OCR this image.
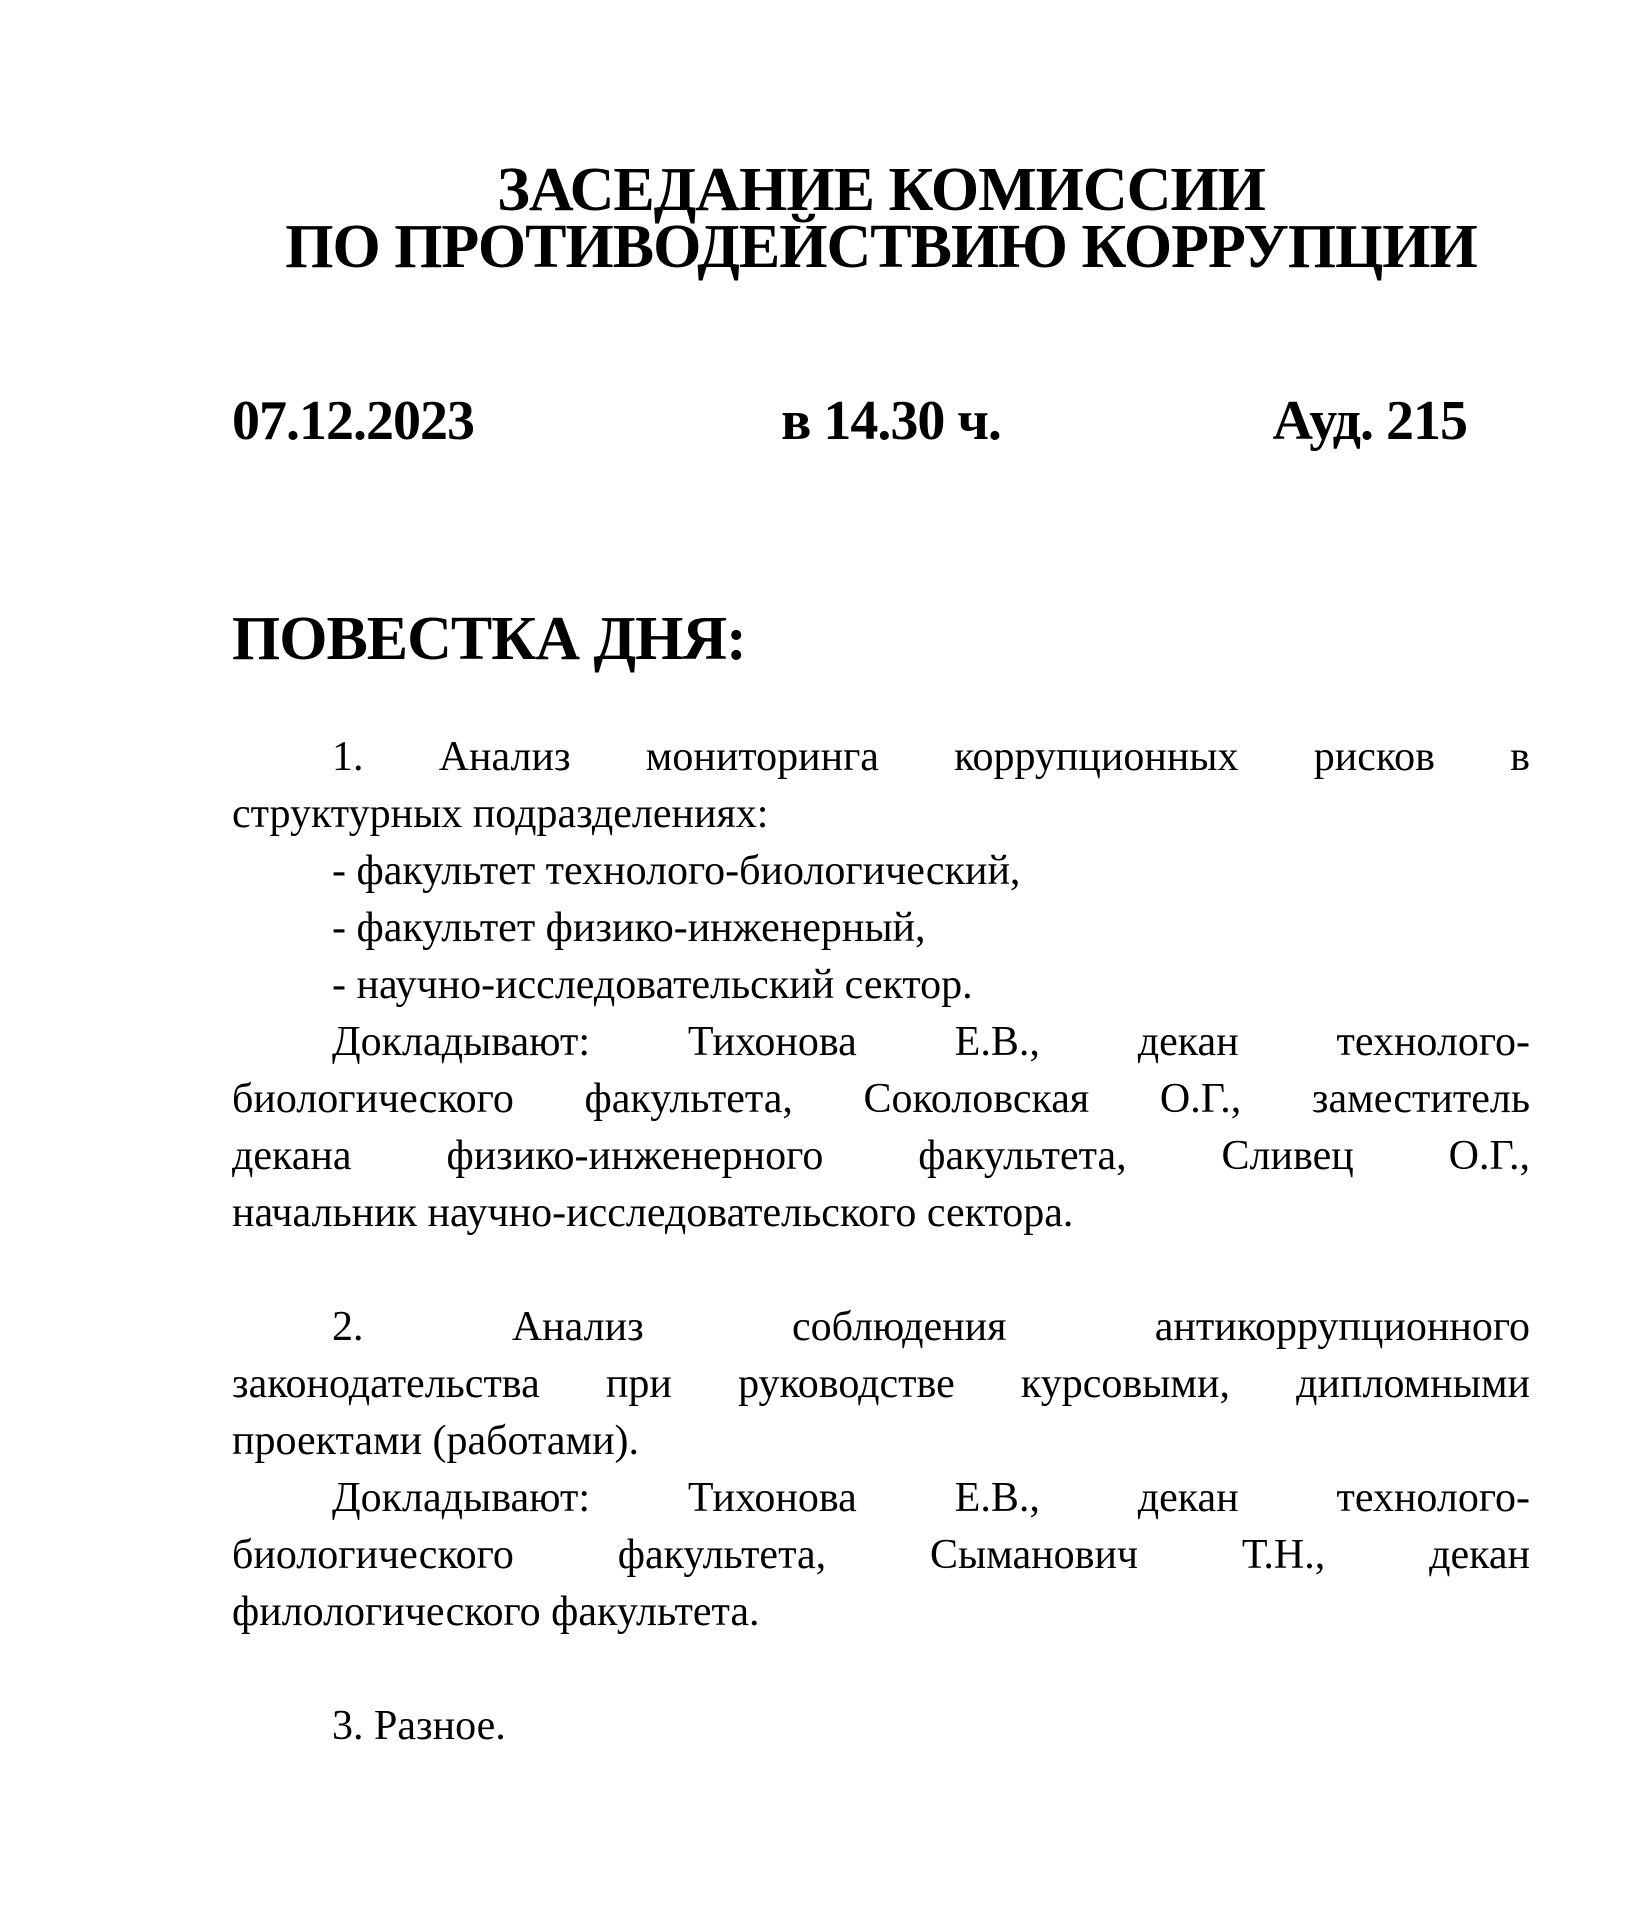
ЗАСЕДАНИЕ КОМИССИИ
ПО ПРОТИВОДЕЙСТВИЮ КОРРУПЦИИ
07.12.2023	в 14.30 ч.	Ауд. 215
ПОВЕСТКА ДНЯ:
1. Анализ мониторинга коррупционных рисков в
структурных подразделениях:
- факультет технолого-биологический,
- факультет физико-инженерный,
- научно-исследовательский сектор.
Докладывают: Тихонова Е.В., декан технолого-
биологического факультета, Соколовская О.Г., заместитель
декана физико-инженерного факультета, Сливец О.Г.,
начальник научно-исследовательского сектора.
2. Анализ соблюдения антикоррупционного
законодательства при руководстве курсовыми, дипломными
проектами (работами).
Докладывают: Тихонова Е.В., декан технолого-
биологического факультета, Сыманович Т.Н., декан
филологического факультета.
3. Разное.
